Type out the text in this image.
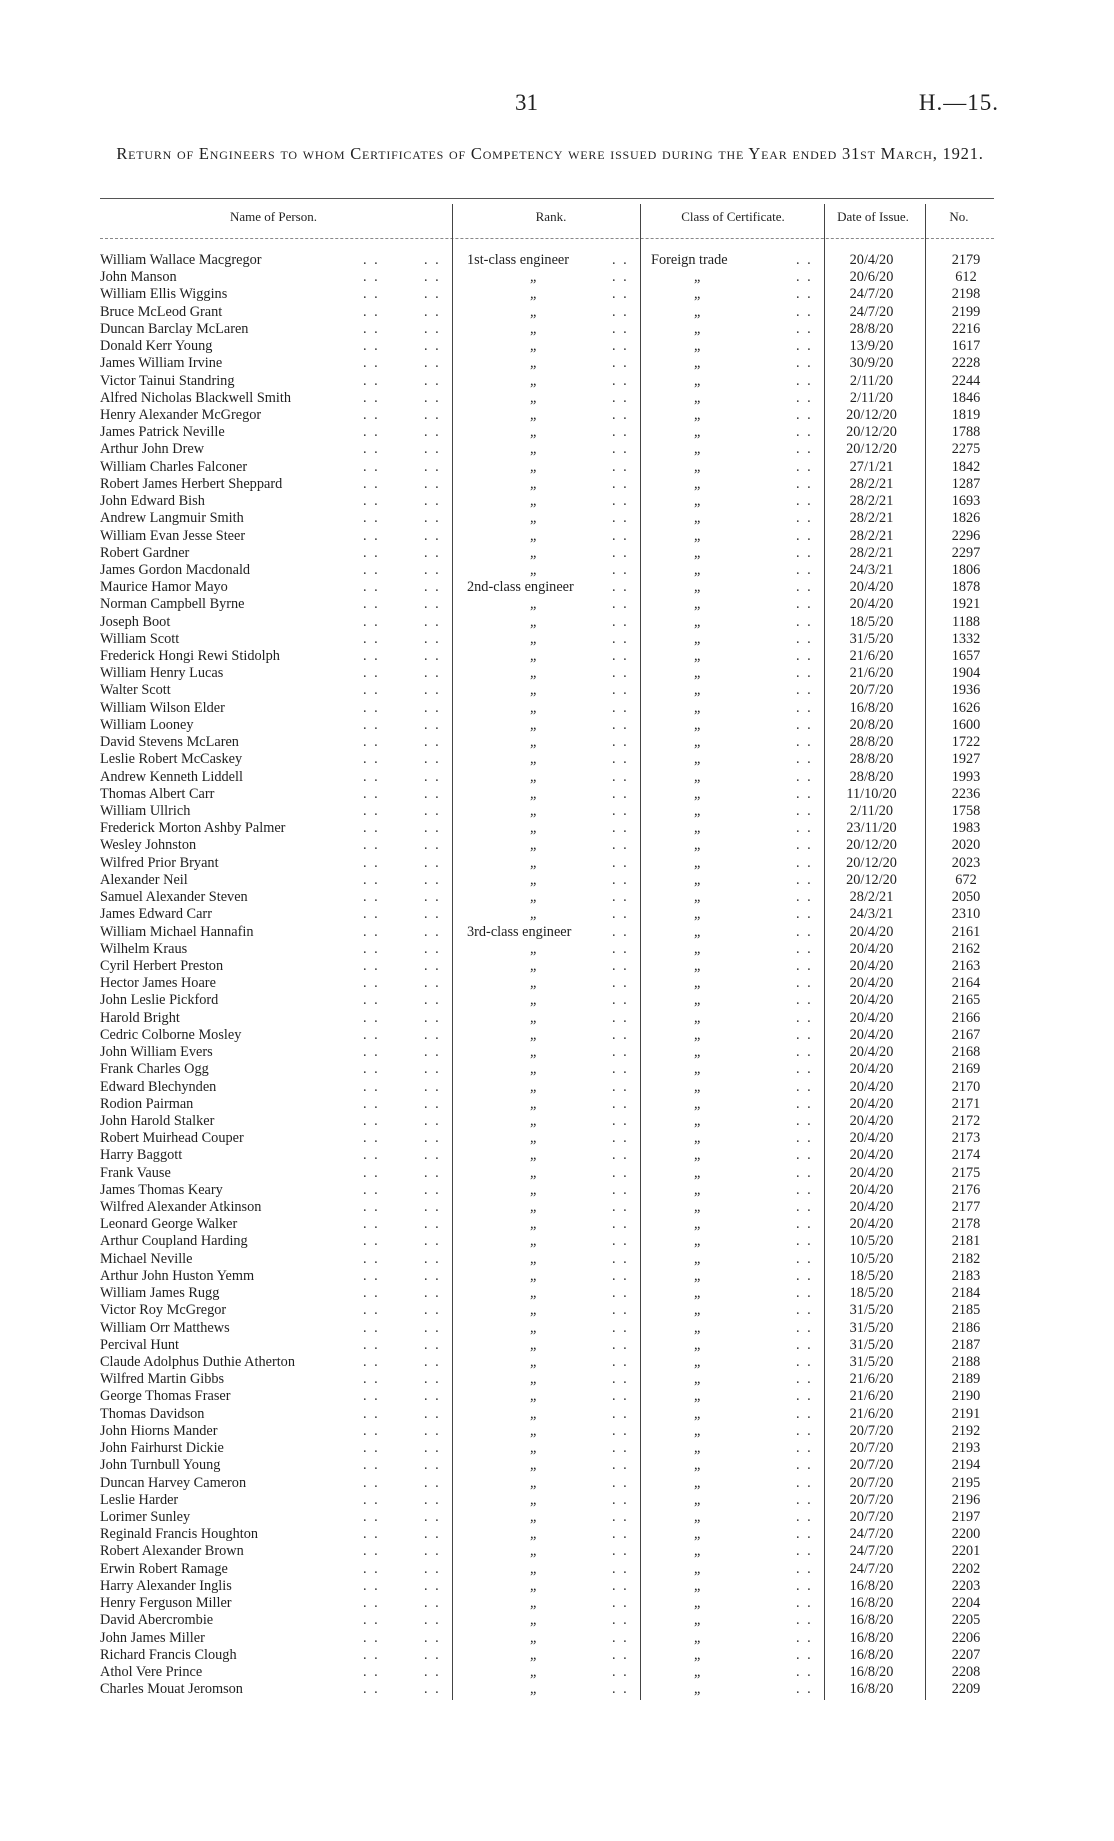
31	H.—15.
Return of Engineers to whom Certificates of Competency were issued during the Year ended 31st March, 1921.
Name of Person.	Rank.	Class of Certificate.	Date of Issue.	No.
William Wallace Macgregor	. .	. . 1st-class engineer	. . Foreign trade	. .	20/4/20	2179
John Manson	. .	. .	„	. .	„	. .	20/6/20	612
William Ellis Wiggins	. .	. .	„	. .	„	. .	24/7/20	2198
Bruce McLeod Grant	. .	. .	„	. .	„	. .	24/7/20	2199
Duncan Barclay McLaren	. .	. .	„	. .	„	. .	28/8/20	2216
Donald Kerr Young	. .	. .	„	. .	„	. .	13/9/20	1617
James William Irvine	. .	. .	„	. .	„	. .	30/9/20	2228
Victor Tainui Standring	. .	. .	„	. .	„	. .	2/11/20	2244
Alfred Nicholas Blackwell Smith	. .	. .	„	. .	„	. .	2/11/20	1846
Henry Alexander McGregor	. .	. .	„	. .	„	. .	20/12/20	1819
James Patrick Neville	. .	. .	„	. .	„	. .	20/12/20	1788
Arthur John Drew	. .	. .	„	. .	„	. .	20/12/20	2275
William Charles Falconer	. .	. .	„	. .	„	. .	27/1/21	1842
Robert James Herbert Sheppard	. .	. .	„	. .	„	. .	28/2/21	1287
John Edward Bish	. .	. .	„	. .	„	. .	28/2/21	1693
Andrew Langmuir Smith	. .	. .	„	. .	„	. .	28/2/21	1826
William Evan Jesse Steer	. .	. .	„	. .	„	. .	28/2/21	2296
Robert Gardner	. .	. .	„	. .	„	. .	28/2/21	2297
James Gordon Macdonald	. .	. .	„	. .	„	. .	24/3/21	1806
Maurice Hamor Mayo	. .	. . 2nd-class engineer	. .	„	. .	20/4/20	1878
Norman Campbell Byrne	. .	. .	„	. .	„	. .	20/4/20	1921
Joseph Boot	. .	. .	„	. .	„	. .	18/5/20	1188
William Scott	. .	. .	„	. .	„	. .	31/5/20	1332
Frederick Hongi Rewi Stidolph	. .	. .	„	. .	„	. .	21/6/20	1657
William Henry Lucas	. .	. .	„	. .	„	. .	21/6/20	1904
Walter Scott	. .	. .	„	. .	„	. .	20/7/20	1936
William Wilson Elder	. .	. .	„	. .	„	. .	16/8/20	1626
William Looney	. .	. .	„	. .	„	. .	20/8/20	1600
David Stevens McLaren	. .	. .	„	. .	„	. .	28/8/20	1722
Leslie Robert McCaskey	. .	. .	„	. .	„	. .	28/8/20	1927
Andrew Kenneth Liddell	. .	. .	„	. .	„	. .	28/8/20	1993
Thomas Albert Carr	. .	. .	„	. .	„	. .	11/10/20	2236
William Ullrich	. .	. .	„	. .	„	. .	2/11/20	1758
Frederick Morton Ashby Palmer	. .	. .	„	. .	„	. .	23/11/20	1983
Wesley Johnston	. .	. .	„	. .	„	. .	20/12/20	2020
Wilfred Prior Bryant	. .	. .	„	. .	„	. .	20/12/20	2023
Alexander Neil	. .	. .	„	. .	„	. .	20/12/20	672
Samuel Alexander Steven	. .	. .	„	. .	„	. .	28/2/21	2050
James Edward Carr	. .	. .	„	. .	„	. .	24/3/21	2310
William Michael Hannafin	. .	. . 3rd-class engineer	. .	„	. .	20/4/20	2161
Wilhelm Kraus	. .	. .	„	. .	„	. .	20/4/20	2162
Cyril Herbert Preston	. .	. .	„	. .	„	. .	20/4/20	2163
Hector James Hoare	. .	. .	„	. .	„	. .	20/4/20	2164
John Leslie Pickford	. .	. .	„	. .	„	. .	20/4/20	2165
Harold Bright	. .	. .	„	. .	„	. .	20/4/20	2166
Cedric Colborne Mosley	. .	. .	„	. .	„	. .	20/4/20	2167
John William Evers	. .	. .	„	. .	„	. .	20/4/20	2168
Frank Charles Ogg	. .	. .	„	. .	„	. .	20/4/20	2169
Edward Blechynden	. .	. .	„	. .	„	. .	20/4/20	2170
Rodion Pairman	. .	. .	„	. .	„	. .	20/4/20	2171
John Harold Stalker	. .	. .	„	. .	„	. .	20/4/20	2172
Robert Muirhead Couper	. .	. .	„	. .	„	. .	20/4/20	2173
Harry Baggott	. .	. .	„	. .	„	. .	20/4/20	2174
Frank Vause	. .	. .	„	. .	„	. .	20/4/20	2175
James Thomas Keary	. .	. .	„	. .	„	. .	20/4/20	2176
Wilfred Alexander Atkinson	. .	. .	„	. .	„	. .	20/4/20	2177
Leonard George Walker	. .	. .	„	. .	„	. .	20/4/20	2178
Arthur Coupland Harding	. .	. .	„	. .	„	. .	10/5/20	2181
Michael Neville	. .	. .	„	. .	„	. .	10/5/20	2182
Arthur John Huston Yemm	. .	. .	„	. .	„	. .	18/5/20	2183
William James Rugg	. .	. .	„	. .	„	. .	18/5/20	2184
Victor Roy McGregor	. .	. .	„	. .	„	. .	31/5/20	2185
William Orr Matthews	. .	. .	„	. .	„	. .	31/5/20	2186
Percival Hunt	. .	. .	„	. .	„	. .	31/5/20	2187
Claude Adolphus Duthie Atherton	. .	. .	„	. .	„	. .	31/5/20	2188
Wilfred Martin Gibbs	. .	. .	„	. .	„	. .	21/6/20	2189
George Thomas Fraser	. .	. .	„	. .	„	. .	21/6/20	2190
Thomas Davidson	. .	. .	„	. .	„	. .	21/6/20	2191
John Hiorns Mander	. .	. .	„	. .	„	. .	20/7/20	2192
John Fairhurst Dickie	. .	. .	„	. .	„	. .	20/7/20	2193
John Turnbull Young	. .	. .	„	. .	„	. .	20/7/20	2194
Duncan Harvey Cameron	. .	. .	„	. .	„	. .	20/7/20	2195
Leslie Harder	. .	. .	„	. .	„	. .	20/7/20	2196
Lorimer Sunley	. .	. .	„	. .	„	. .	20/7/20	2197
Reginald Francis Houghton	. .	. .	„	. .	„	. .	24/7/20	2200
Robert Alexander Brown	. .	. .	„	. .	„	. .	24/7/20	2201
Erwin Robert Ramage	. .	. .	„	. .	„	. .	24/7/20	2202
Harry Alexander Inglis	. .	. .	„	. .	„	. .	16/8/20	2203
Henry Ferguson Miller	. .	. .	„	. .	„	. .	16/8/20	2204
David Abercrombie	. .	. .	„	. .	„	. .	16/8/20	2205
John James Miller	. .	. .	„	. .	„	. .	16/8/20	2206
Richard Francis Clough	. .	. .	„	. .	„	. .	16/8/20	2207
Athol Vere Prince	. .	. .	„	. .	„	. .	16/8/20	2208
Charles Mouat Jeromson	. .	. .	„	. .	„	. .	16/8/20	2209
